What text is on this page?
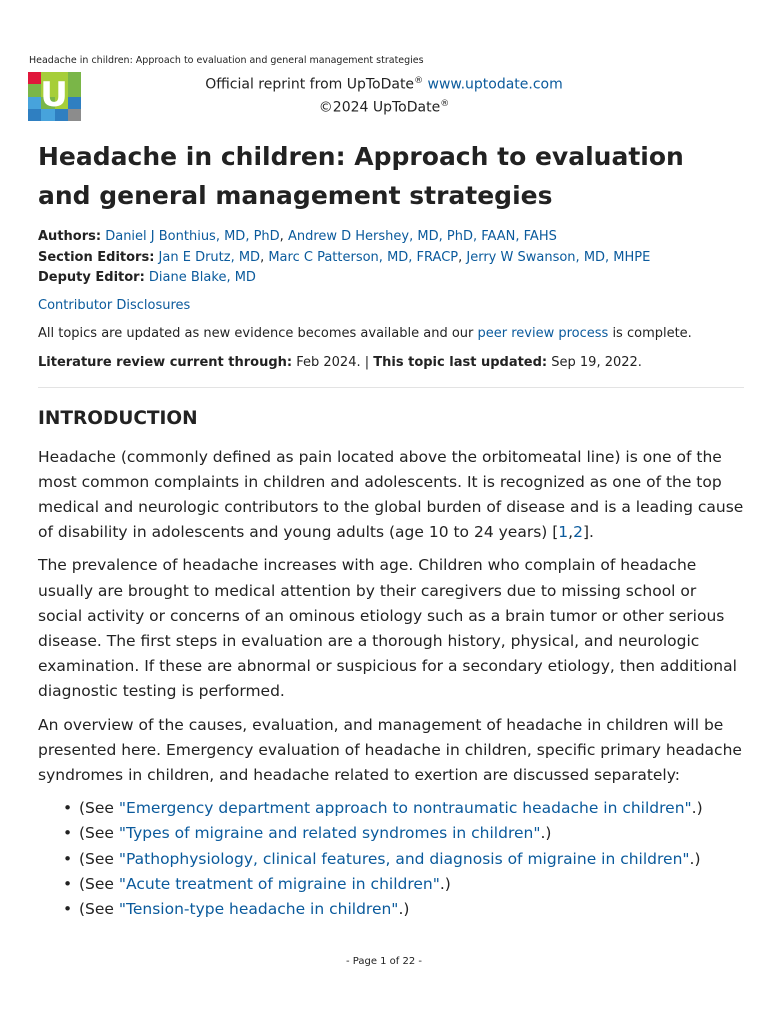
Headache in children: Approach to evaluation and general management strategies
U	Official reprint from UpToDate® www.uptodate.com
©2024 UpToDate®
Headache in children: Approach to evaluation and general management strategies
Authors: Daniel J Bonthius, MD, PhD, Andrew D Hershey, MD, PhD, FAAN, FAHS
Section Editors: Jan E Drutz, MD, Marc C Patterson, MD, FRACP, Jerry W Swanson, MD, MHPE
Deputy Editor: Diane Blake, MD
Contributor Disclosures
All topics are updated as new evidence becomes available and our peer review process is complete.
Literature review current through: Feb 2024. | This topic last updated: Sep 19, 2022.
INTRODUCTION

Headache (commonly defined as pain located above the orbitomeatal line) is one of the most common complaints in children and adolescents. It is recognized as one of the top medical and neurologic contributors to the global burden of disease and is a leading cause of disability in adolescents and young adults (age 10 to 24 years) [1,2].

The prevalence of headache increases with age. Children who complain of headache usually are brought to medical attention by their caregivers due to missing school or social activity or concerns of an ominous etiology such as a brain tumor or other serious disease. The first steps in evaluation are a thorough history, physical, and neurologic examination. If these are abnormal or suspicious for a secondary etiology, then additional diagnostic testing is performed.

An overview of the causes, evaluation, and management of headache in children will be presented here. Emergency evaluation of headache in children, specific primary headache syndromes in children, and headache related to exertion are discussed separately:

• (See "Emergency department approach to nontraumatic headache in children".)
• (See "Types of migraine and related syndromes in children".)
• (See "Pathophysiology, clinical features, and diagnosis of migraine in children".)
• (See "Acute treatment of migraine in children".)
• (See "Tension-type headache in children".)
- Page 1 of 22 -
